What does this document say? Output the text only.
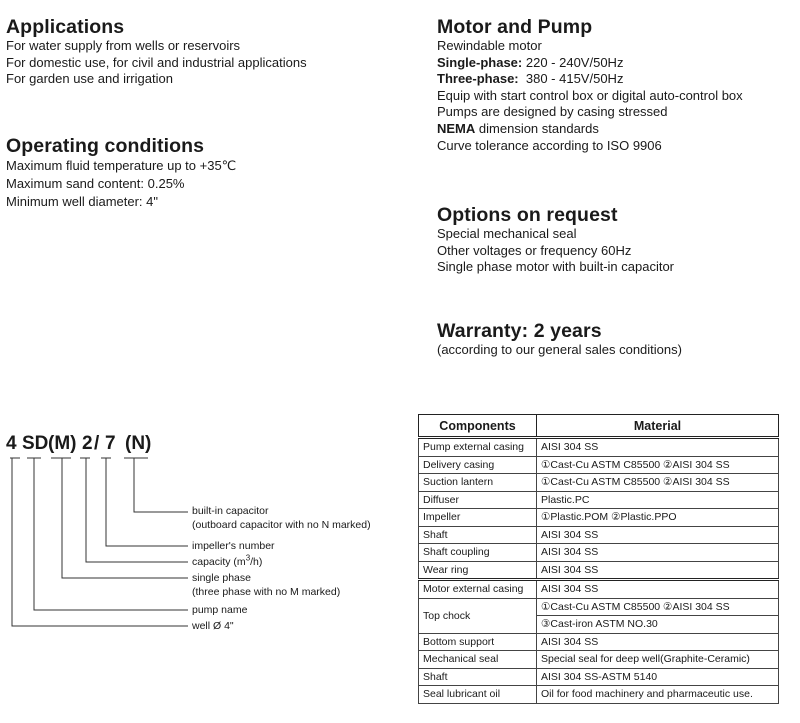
Applications
For water supply from wells or reservoirs
For domestic use, for civil and industrial applications
For garden use and irrigation
Operating conditions
Maximum fluid temperature up to +35℃
Maximum sand content: 0.25%
Minimum well diameter: 4"
Motor and Pump
Rewindable motor
Single-phase: 220 - 240V/50Hz
Three-phase: 380 - 415V/50Hz
Equip with start control box or digital auto-control box
Pumps are designed by casing stressed
NEMA dimension standards
Curve tolerance according to ISO 9906
Options on request
Special mechanical seal
Other voltages or frequency 60Hz
Single phase motor with built-in capacitor
Warranty: 2 years
(according to our general sales conditions)
4 SD (M) 2 / 7 (N)
built-in capacitor
(outboard capacitor with no N marked)
impeller's number
capacity $(m^3/h)$
single phase
(three phase with no M marked)
pump name
well Ø 4"
Components	Material
Pump external casing	AISI 304 SS
Delivery casing	①Cast-Cu ASTM C85500 ②AISI 304 SS
Suction lantern	①Cast-Cu ASTM C85500 ②AISI 304 SS
Diffuser	Plastic.PC
Impeller	①Plastic.POM ②Plastic.PPO
Shaft	AISI 304 SS
Shaft coupling	AISI 304 SS
Wear ring	AISI 304 SS
Motor external casing	AISI 304 SS
Top chock	①Cast-Cu ASTM C85500 ②AISI 304 SS
	③Cast-iron ASTM NO.30
Bottom support	AISI 304 SS
Mechanical seal	Special seal for deep well(Graphite-Ceramic)
Shaft	AISI 304 SS-ASTM 5140
Seal lubricant oil	Oil for food machinery and pharmaceutic use.
